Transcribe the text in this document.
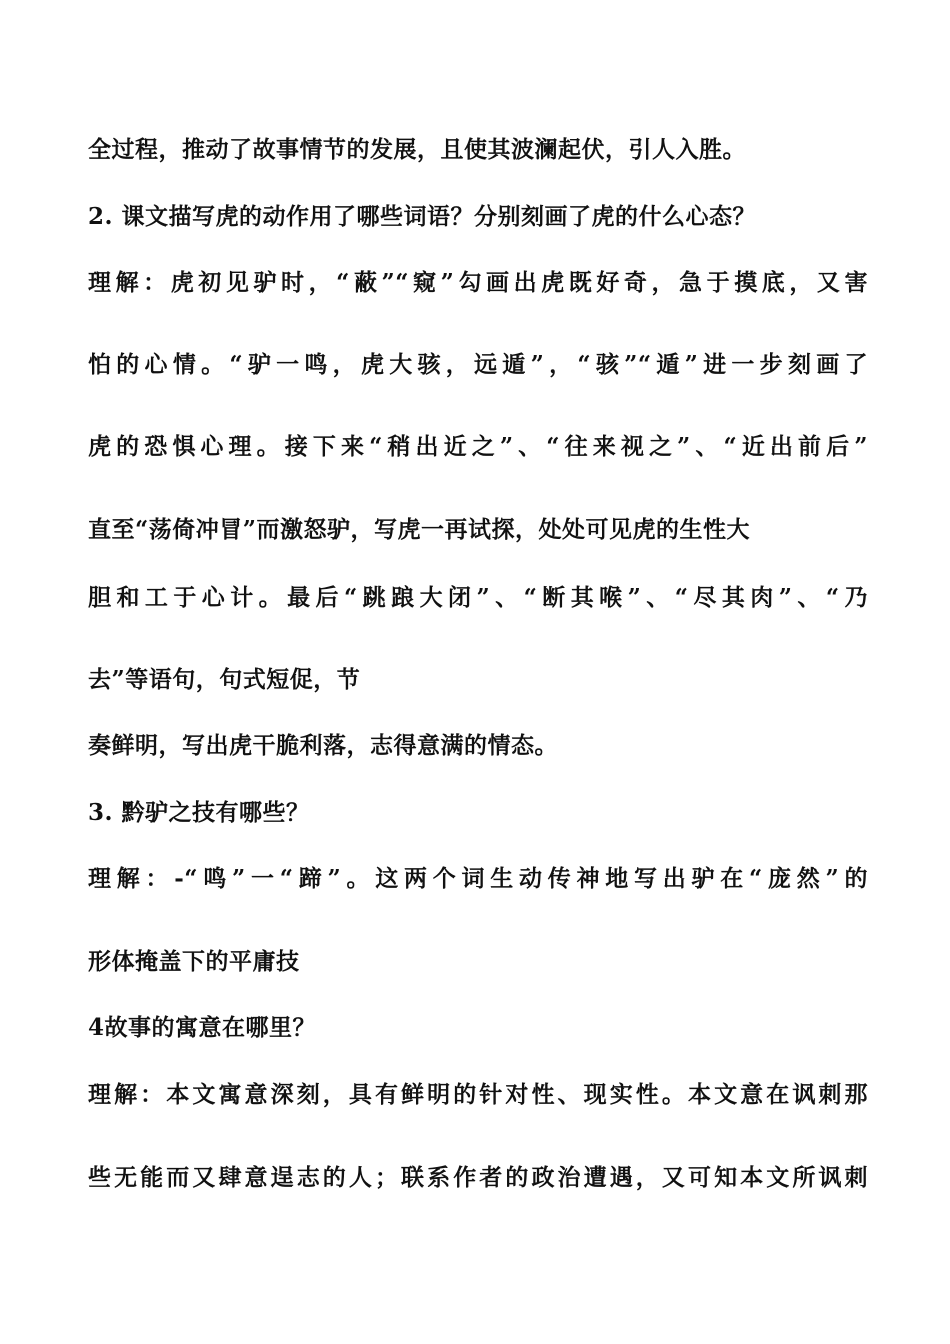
全过程，推动了故事情节的发展，且使其波澜起伏，引人入胜。
2. 课文描写虎的动作用了哪些词语？分别刻画了虎的什么心态？
理解：虎初见驴时，“蔽”“窥”勾画出虎既好奇，急于摸底，又害
怕的心情。“驴一鸣，虎大骇，远遁”，“骇”“遁”进一步刻画了
虎的恐惧心理。接下来“稍出近之”、“往来视之”、“近出前后”
直至“荡倚冲冒”而激怒驴，写虎一再试探，处处可见虎的生性大
胆和工于心计。最后“跳踉大闭”、“断其喉”、“尽其肉”、“乃
去”等语句，句式短促，节
奏鲜明，写出虎干脆利落，志得意满的情态。
3. 黔驴之技有哪些？
理解：-“鸣”一“蹄”。这两个词生动传神地写出驴在“庞然”的
形体掩盖下的平庸技
4故事的寓意在哪里？
理解：本文寓意深刻，具有鲜明的针对性、现实性。本文意在讽刺那
些无能而又肆意逞志的人；联系作者的政治遭遇，又可知本文所讽刺
